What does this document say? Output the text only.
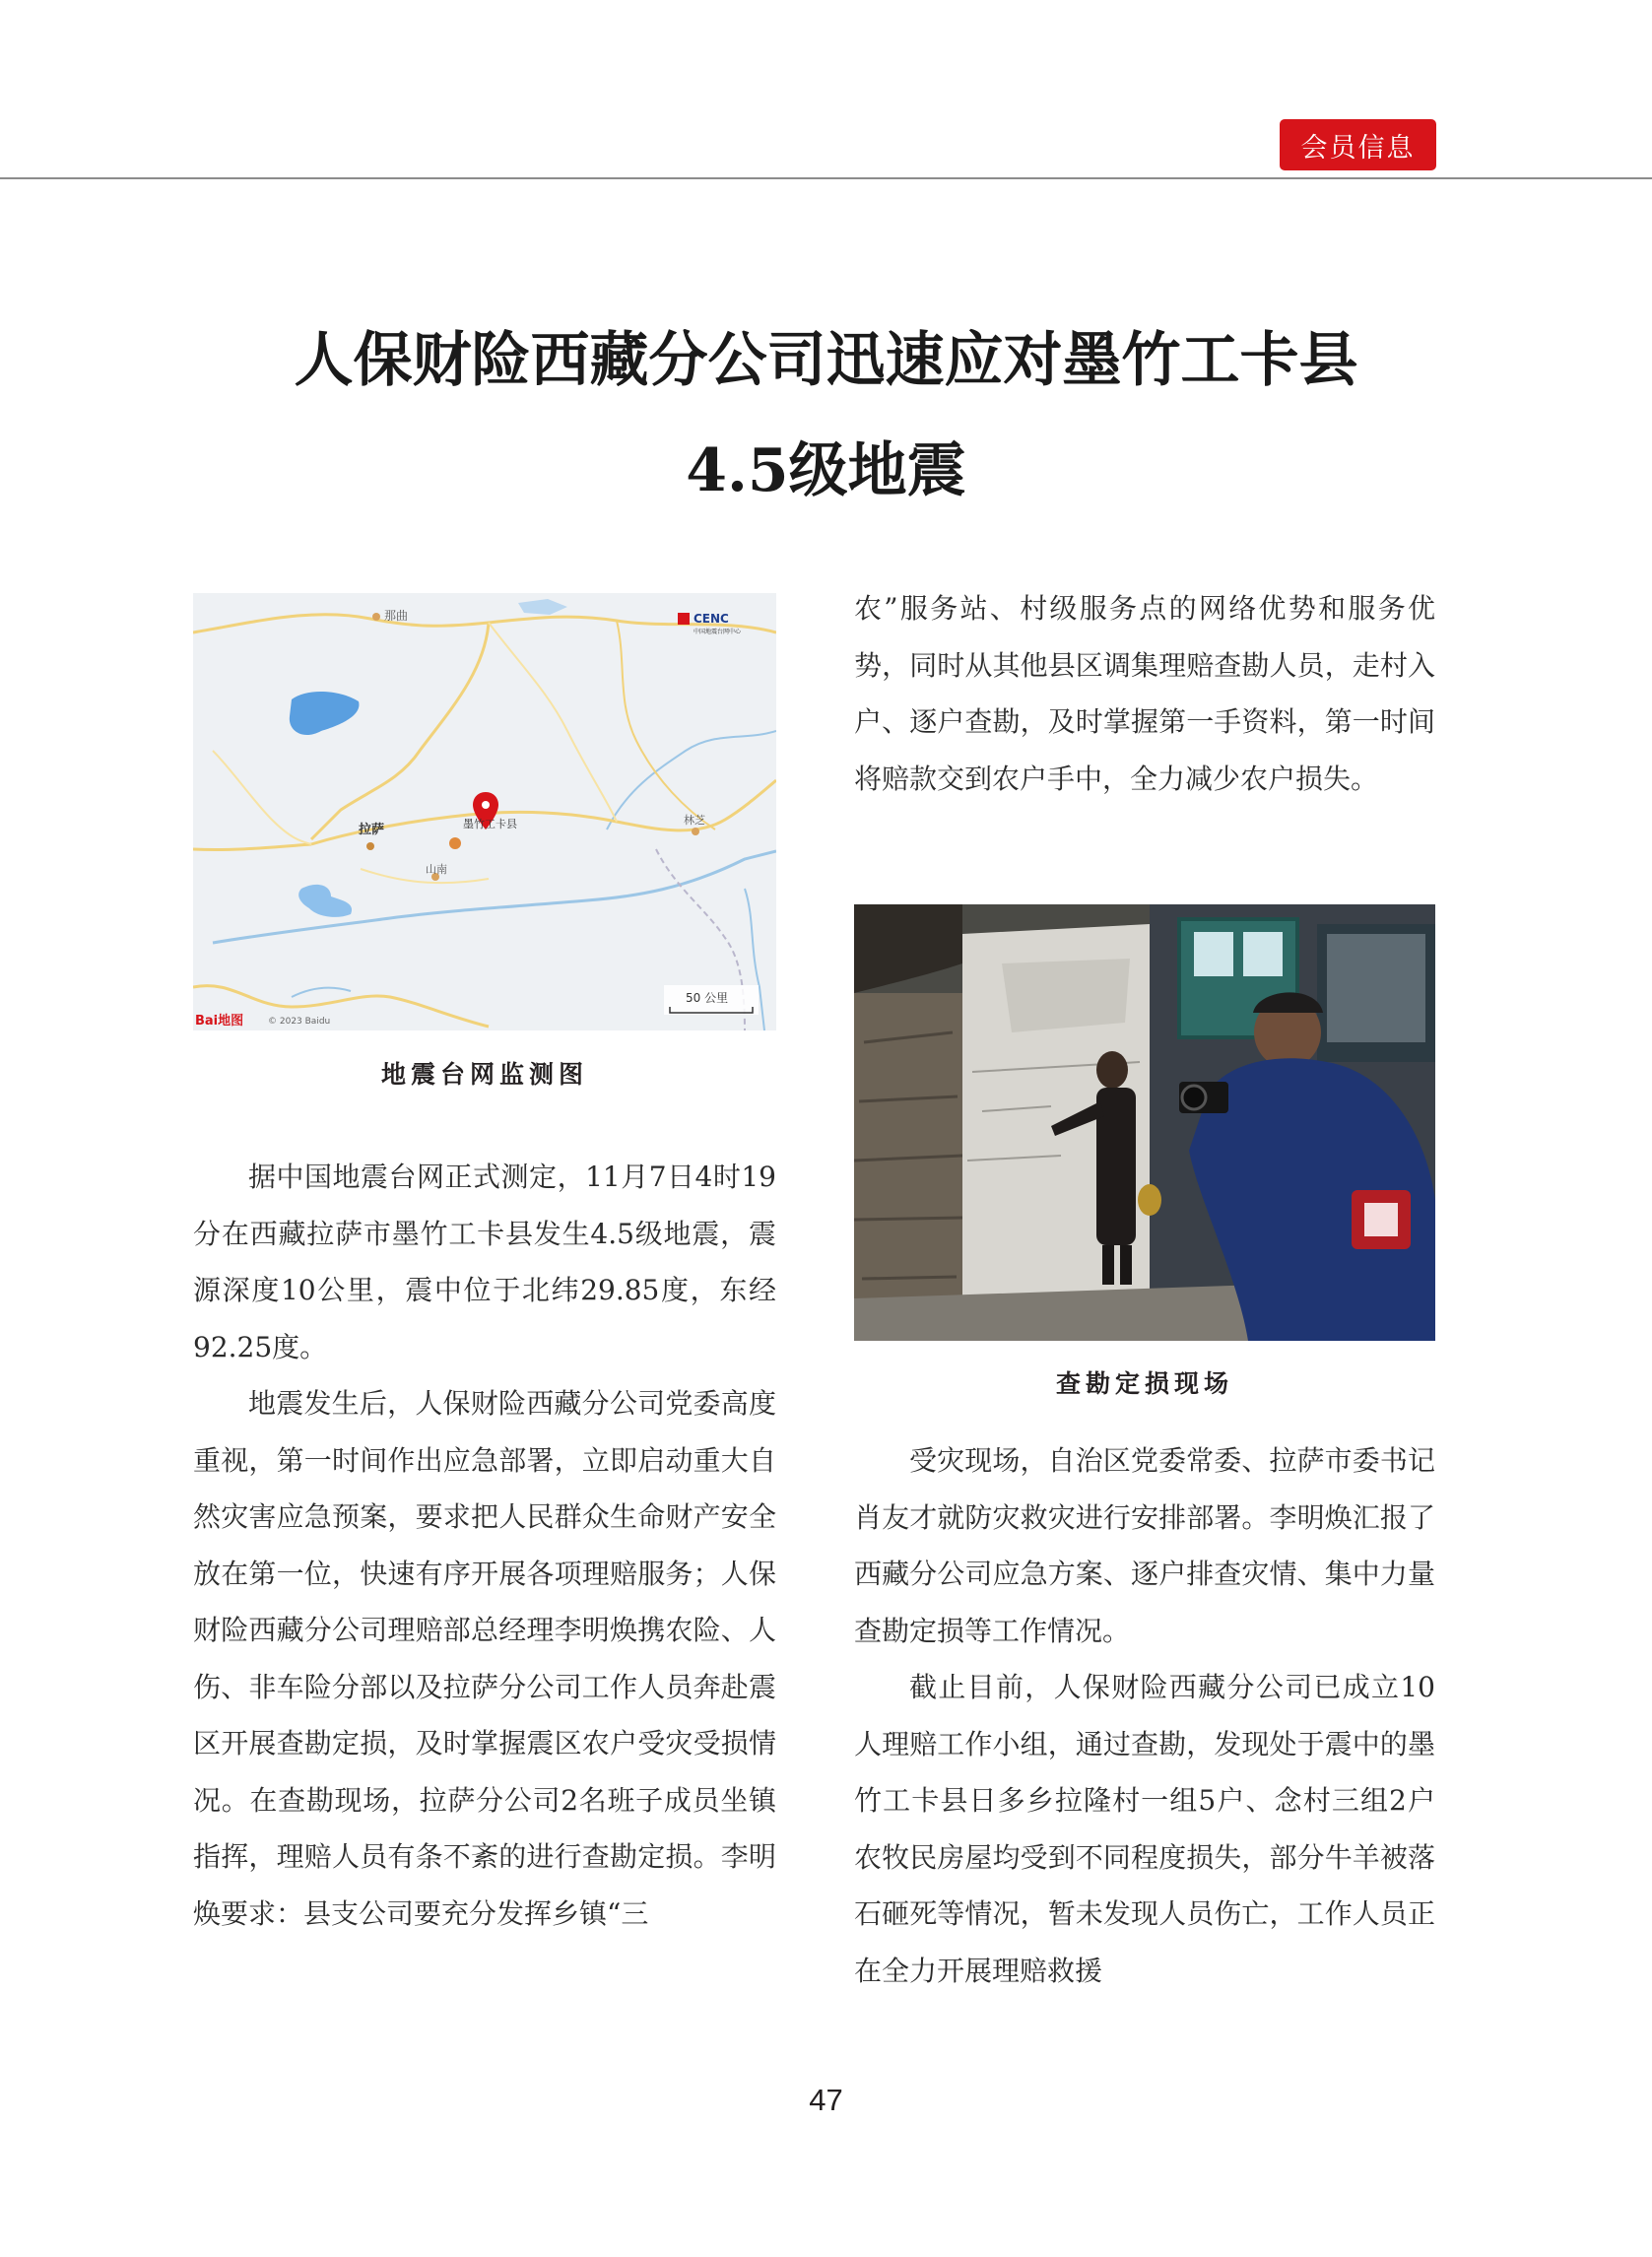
会员信息
人保财险西藏分公司迅速应对墨竹工卡县
4.5级地震
那曲
拉萨	墨竹工卡县	林芝
山南
CENC
中国地震台网中心
50 公里
Bai地图	© 2023 Baidu
地震台网监测图

据中国地震台网正式测定，11月7日4时19分在西藏拉萨市墨竹工卡县发生4.5级地震，震源深度10公里，震中位于北纬29.85度，东经92.25度。

地震发生后，人保财险西藏分公司党委高度重视，第一时间作出应急部署，立即启动重大自然灾害应急预案，要求把人民群众生命财产安全放在第一位，快速有序开展各项理赔服务；人保财险西藏分公司理赔部总经理李明焕携农险、人伤、非车险分部以及拉萨分公司工作人员奔赴震区开展查勘定损，及时掌握震区农户受灾受损情况。在查勘现场，拉萨分公司2名班子成员坐镇指挥，理赔人员有条不紊的进行查勘定损。李明焕要求：县支公司要充分发挥乡镇“三

农”服务站、村级服务点的网络优势和服务优势，同时从其他县区调集理赔查勘人员，走村入户、逐户查勘，及时掌握第一手资料，第一时间将赔款交到农户手中，全力减少农户损失。

查勘定损现场

受灾现场，自治区党委常委、拉萨市委书记肖友才就防灾救灾进行安排部署。李明焕汇报了西藏分公司应急方案、逐户排查灾情、集中力量查勘定损等工作情况。

截止目前，人保财险西藏分公司已成立10人理赔工作小组，通过查勘，发现处于震中的墨竹工卡县日多乡拉隆村一组5户、念村三组2户农牧民房屋均受到不同程度损失，部分牛羊被落石砸死等情况，暂未发现人员伤亡，工作人员正在全力开展理赔救援

47
